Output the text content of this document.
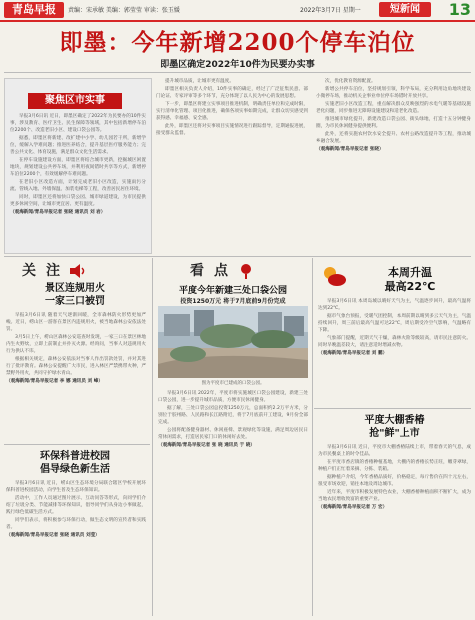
青岛早报	责编：宋承敏 美编：郭莹莹 审读：张玉媛	2022年3月7日 星期一	短新闻	13
即墨：今年新增2200个停车泊位
即墨区确定2022年10件为民要办实事
聚焦区市实事

早报3月6日讯 近日，即墨区确定了2022年为民要办的10件实事，涉及教育、医疗卫生、民生保障等领域，其中包括新增停车泊位2200个、改造老旧小区、建设口袋公园等。

据悉，即墨区将新建、改扩建中小学、幼儿园若干所，新增学位，缓解入学难问题；推进医养结合，提升基层医疗服务能力；完善公共文化、体育设施，满足群众文化生活需求。

在停车设施建设方面，即墨区将结合城市更新，挖掘城区闲置地块，规划建设公共停车场，并利用夜间错时共享等方式，新增停车泊位2200个，有效缓解停车难问题。

在老旧小区改造方面，计划完成老旧小区改造，实施雨污分流、管线入地、外墙保温、加装电梯等工程，改善居民居住环境。

同时，即墨区还将加快口袋公园、城市绿道建设，为市民提供更多休闲空间，让城市更宜居、更有温度。

（观海新闻/青岛早报记者 张晓 通讯员 刘 岩）

提升城市品质，让城市更有温度。

即墨区相关负责人介绍，10件实事的确定，经过了广泛征集民意、部门论证、专家评审等多个环节，充分体现了以人民为中心的发展思想。

下一步，即墨区将建立实事项目推进机制，明确责任单位和完成时限，实行清单化管理、项目化推进，确保各项实事如期完成，让群众切实感受到获得感、幸福感、安全感。

此外，即墨区还将对实事项目实施情况进行跟踪督导，定期通报进展，接受群众监督。

次，优化教育资源配置。

新增公共停车泊位，坚持规划引领，科学布局，充分利用边角地块建设小微停车场，推动机关企事业单位停车场错时开放共享。

实施老旧小区改造工程，重点解决群众反映强烈的水电气暖等基础设施老化问题，同步推进无障碍设施建设和适老化改造。

推进城市绿化提升，新建改造口袋公园、街头绿地，打造十五分钟健身圈，为市民休闲健身提供便利。

此外，还将实施农村饮水安全提升、农村公路改造提升等工程，推动城乡融合发展。

（观海新闻/青岛早报记者 张晓）

关注
景区连规用火
一家三口被罚

早报3月6日讯 随着天气逐渐回暖，全市森林防火形势更加严峻。近日，崂山区一游客在景区内违规用火，被当地森林公安依法处罚。

3月5日上午，崂山区森林公安巡查时发现，一家三口在景区林地内生火野炊，立即上前制止并扑灭火源。经询问，当事人对违规用火行为供认不讳。

根据相关规定，森林公安依法对当事人作出罚款处罚，并对其进行了批评教育。森林公安提醒广大市民，进入林区严禁携带火种，严禁野外用火，共同守护绿水青山。

（观海新闻/青岛早报记者 李 娜 通讯员 刘 峰）

环保科普进校园
倡导绿色新生活

早报3月6日讯 近日，崂山区生态环境分局联合辖区学校开展环保科普进校园活动，向学生普及生态环保知识。

活动中，工作人员通过图片展示、互动问答等形式，向同学们介绍了垃圾分类、节能减排等环保知识，倡导同学们从身边小事做起，践行绿色低碳生活方式。

同学们表示，将积极参与环保行动，做生态文明的宣传者和实践者。

（观海新闻/青岛早报记者 张晓 通讯员 刘莹）

看点
平度今年新建三处口袋公园
投资1250万元 将于7月底前9月份完成
图为平度市已建成的口袋公园。

早报3月6日讯 2022年，平度市将实施城区口袋公园建设，新建三处口袋公园，进一步提升城市品质，方便市民休闲健身。

据了解，三处口袋公园总投资1250万元，总面积约2.2万平方米，分别位于胶州路、人民路和长江路附近，将于7月底前开工建设，9月份全部完成。

公园将配备健身器材、休闲座椅、景观绿化等设施，满足周边居民日常休闲需求，打造居民家门口的休闲好去处。

（观海新闻/青岛早报记者 张 晓 通讯员 于 晓）

本周升温
最高22℃

早报3月6日讯 本周岛城以晴好天气为主，气温逐步回升，最高气温将达到22℃。

据市气象台预报，受暖气团控制，本周前期以晴到多云天气为主，气温持续回升，周三前后最高气温可达22℃，周后期受冷空气影响，气温略有下降。

气象部门提醒，近期天气干燥，森林火险等级较高，请市民注意防火。同时早晚温差较大，请注意适时增减衣物。

（观海新闻/青岛早报记者 刘 鹏）

平度大棚香椿
抢"鲜"上市

早报3月6日讯 近日，平度市大棚香椿陆续上市，带着春天的气息，成为市民餐桌上的时令佳品。

在平度市香店镇的香椿种植基地，大棚内的香椿长势正旺，嫩芽翠绿，种植户们正忙着采摘、分拣、装箱。

据种植户介绍，今年香椿品质好，价格稳定，每斤售价在四十元左右，很受市场欢迎，销往本地及周边城市。

近年来，平度市积极发展特色农业，大棚香椿种植面积不断扩大，成为当地农民增收致富的重要产业。

（观海新闻/青岛早报记者 万 宏）
